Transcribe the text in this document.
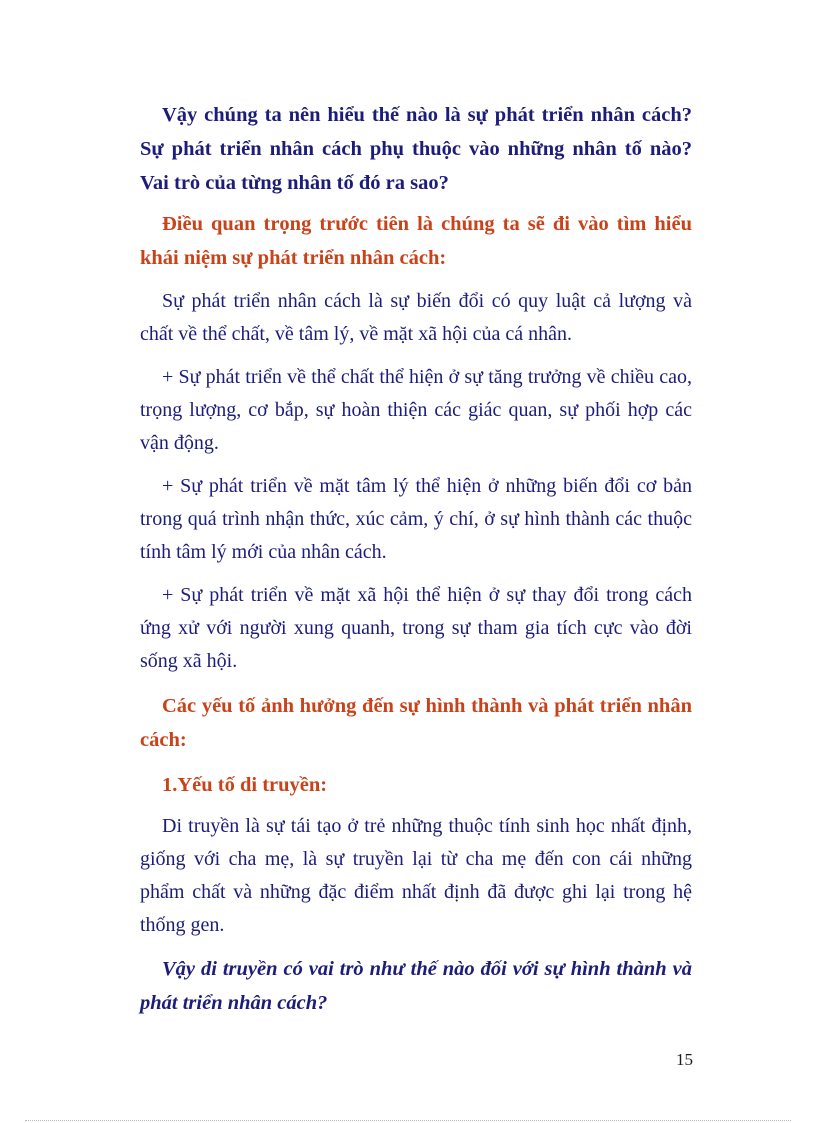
Vậy chúng ta nên hiểu thế nào là sự phát triển nhân cách? Sự phát triển nhân cách phụ thuộc vào những nhân tố nào? Vai trò của từng nhân tố đó ra sao?

Điều quan trọng trước tiên là chúng ta sẽ đi vào tìm hiểu khái niệm sự phát triển nhân cách:

Sự phát triển nhân cách là sự biến đổi có quy luật cả lượng và chất về thể chất, về tâm lý, về mặt xã hội của cá nhân.

+ Sự phát triển về thể chất thể hiện ở sự tăng trưởng về chiều cao, trọng lượng, cơ bắp, sự hoàn thiện các giác quan, sự phối hợp các vận động.

+ Sự phát triển về mặt tâm lý thể hiện ở những biến đổi cơ bản trong quá trình nhận thức, xúc cảm, ý chí, ở sự hình thành các thuộc tính tâm lý mới của nhân cách.

+ Sự phát triển về mặt xã hội thể hiện ở sự thay đổi trong cách ứng xử với người xung quanh, trong sự tham gia tích cực vào đời sống xã hội.

Các yếu tố ảnh hưởng đến sự hình thành và phát triển nhân cách:

1.Yếu tố di truyền:

Di truyền là sự tái tạo ở trẻ những thuộc tính sinh học nhất định, giống với cha mẹ, là sự truyền lại từ cha mẹ đến con cái những phẩm chất và những đặc điểm nhất định đã được ghi lại trong hệ thống gen.

Vậy di truyền có vai trò như thế nào đối với sự hình thành và phát triển nhân cách?

15
